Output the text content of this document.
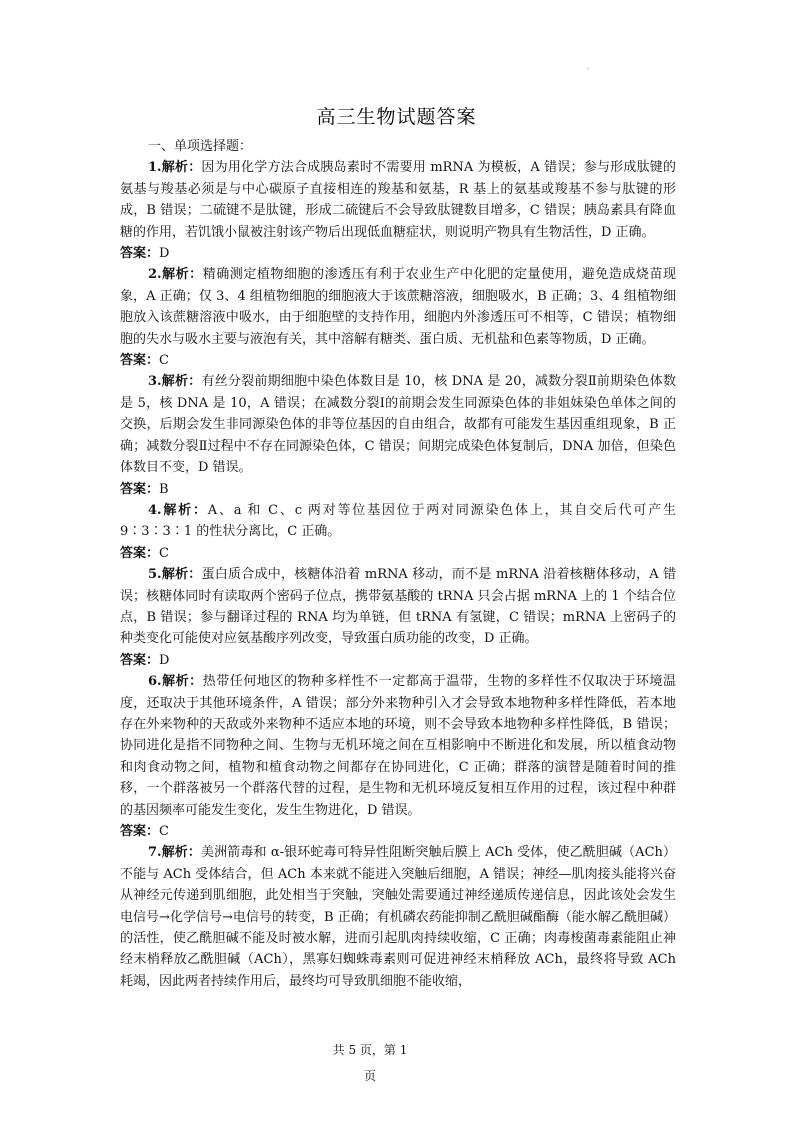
.
高三生物试题答案

一、单项选择题：

1.解析：因为用化学方法合成胰岛素时不需要用 mRNA 为模板，A 错误；参与形成肽键的氨基与羧基必须是与中心碳原子直接相连的羧基和氨基，R 基上的氨基或羧基不参与肽键的形成，B 错误；二硫键不是肽键，形成二硫键后不会导致肽键数目增多，C 错误；胰岛素具有降血糖的作用，若饥饿小鼠被注射该产物后出现低血糖症状，则说明产物具有生物活性，D 正确。

答案：D

2.解析：精确测定植物细胞的渗透压有利于农业生产中化肥的定量使用，避免造成烧苗现象，A 正确；仅 3、4 组植物细胞的细胞液大于该蔗糖溶液，细胞吸水，B 正确；3、4 组植物细胞放入该蔗糖溶液中吸水，由于细胞壁的支持作用，细胞内外渗透压可不相等，C 错误；植物细胞的失水与吸水主要与液泡有关，其中溶解有糖类、蛋白质、无机盐和色素等物质，D 正确。

答案：C

3.解析：有丝分裂前期细胞中染色体数目是 10，核 DNA 是 20，减数分裂Ⅱ前期染色体数是 5，核 DNA 是 10，A 错误；在减数分裂Ⅰ的前期会发生同源染色体的非姐妹染色单体之间的交换，后期会发生非同源染色体的非等位基因的自由组合，故都有可能发生基因重组现象，B 正确；减数分裂Ⅱ过程中不存在同源染色体，C 错误；间期完成染色体复制后，DNA 加倍，但染色体数目不变，D 错误。

答案：B

4.解析：A、a 和 C、c 两对等位基因位于两对同源染色体上，其自交后代可产生 9∶3∶3∶1 的性状分离比，C 正确。

答案：C

5.解析：蛋白质合成中，核糖体沿着 mRNA 移动，而不是 mRNA 沿着核糖体移动，A 错误；核糖体同时有读取两个密码子位点，携带氨基酸的 tRNA 只会占据 mRNA 上的 1 个结合位点，B 错误；参与翻译过程的 RNA 均为单链，但 tRNA 有氢键，C 错误；mRNA 上密码子的种类变化可能使对应氨基酸序列改变，导致蛋白质功能的改变，D 正确。

答案：D

6.解析：热带任何地区的物种多样性不一定都高于温带，生物的多样性不仅取决于环境温度，还取决于其他环境条件，A 错误；部分外来物种引入才会导致本地物种多样性降低，若本地存在外来物种的天敌或外来物种不适应本地的环境，则不会导致本地物种多样性降低，B 错误；协同进化是指不同物种之间、生物与无机环境之间在互相影响中不断进化和发展，所以植食动物和肉食动物之间，植物和植食动物之间都存在协同进化，C 正确；群落的演替是随着时间的推移，一个群落被另一个群落代替的过程，是生物和无机环境反复相互作用的过程，该过程中种群的基因频率可能发生变化，发生生物进化，D 错误。

答案：C

7.解析：美洲箭毒和 α-银环蛇毒可特异性阻断突触后膜上 ACh 受体，使乙酰胆碱（ACh）不能与 ACh 受体结合，但 ACh 本来就不能进入突触后细胞，A 错误；神经—肌肉接头能将兴奋从神经元传递到肌细胞，此处相当于突触，突触处需要通过神经递质传递信息，因此该处会发生电信号→化学信号→电信号的转变，B 正确；有机磷农药能抑制乙酰胆碱酯酶（能水解乙酰胆碱）的活性，使乙酰胆碱不能及时被水解，进而引起肌肉持续收缩，C 正确；肉毒梭菌毒素能阻止神经末梢释放乙酰胆碱（ACh），黑寡妇蜘蛛毒素则可促进神经末梢释放 ACh，最终将导致 ACh 耗竭，因此两者持续作用后，最终均可导致肌细胞不能收缩，

共 5 页，第 1
页
